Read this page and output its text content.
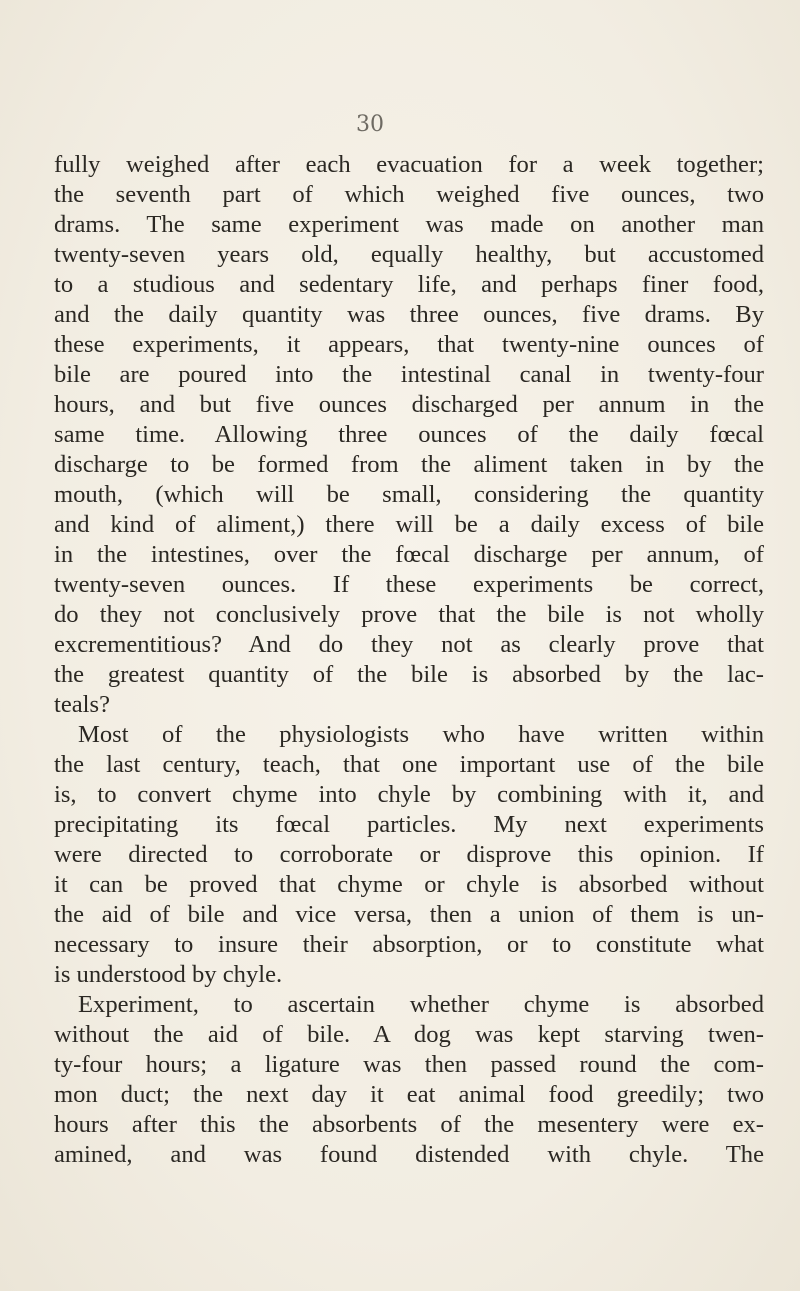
30
fully weighed after each evacuation for a week together;
the seventh part of which weighed five ounces, two
drams. The same experiment was made on another man
twenty-seven years old, equally healthy, but accustomed
to a studious and sedentary life, and perhaps finer food,
and the daily quantity was three ounces, five drams. By
these experiments, it appears, that twenty-nine ounces of
bile are poured into the intestinal canal in twenty-four
hours, and but five ounces discharged per annum in the
same time. Allowing three ounces of the daily fœcal
discharge to be formed from the aliment taken in by the
mouth, (which will be small, considering the quantity
and kind of aliment,) there will be a daily excess of bile
in the intestines, over the fœcal discharge per annum, of
twenty-seven ounces. If these experiments be correct,
do they not conclusively prove that the bile is not wholly
excrementitious? And do they not as clearly prove that
the greatest quantity of the bile is absorbed by the lac-
teals?
Most of the physiologists who have written within
the last century, teach, that one important use of the bile
is, to convert chyme into chyle by combining with it, and
precipitating its fœcal particles. My next experiments
were directed to corroborate or disprove this opinion. If
it can be proved that chyme or chyle is absorbed without
the aid of bile and vice versa, then a union of them is un-
necessary to insure their absorption, or to constitute what
is understood by chyle.
Experiment, to ascertain whether chyme is absorbed
without the aid of bile. A dog was kept starving twen-
ty-four hours; a ligature was then passed round the com-
mon duct; the next day it eat animal food greedily; two
hours after this the absorbents of the mesentery were ex-
amined, and was found distended with chyle. The
